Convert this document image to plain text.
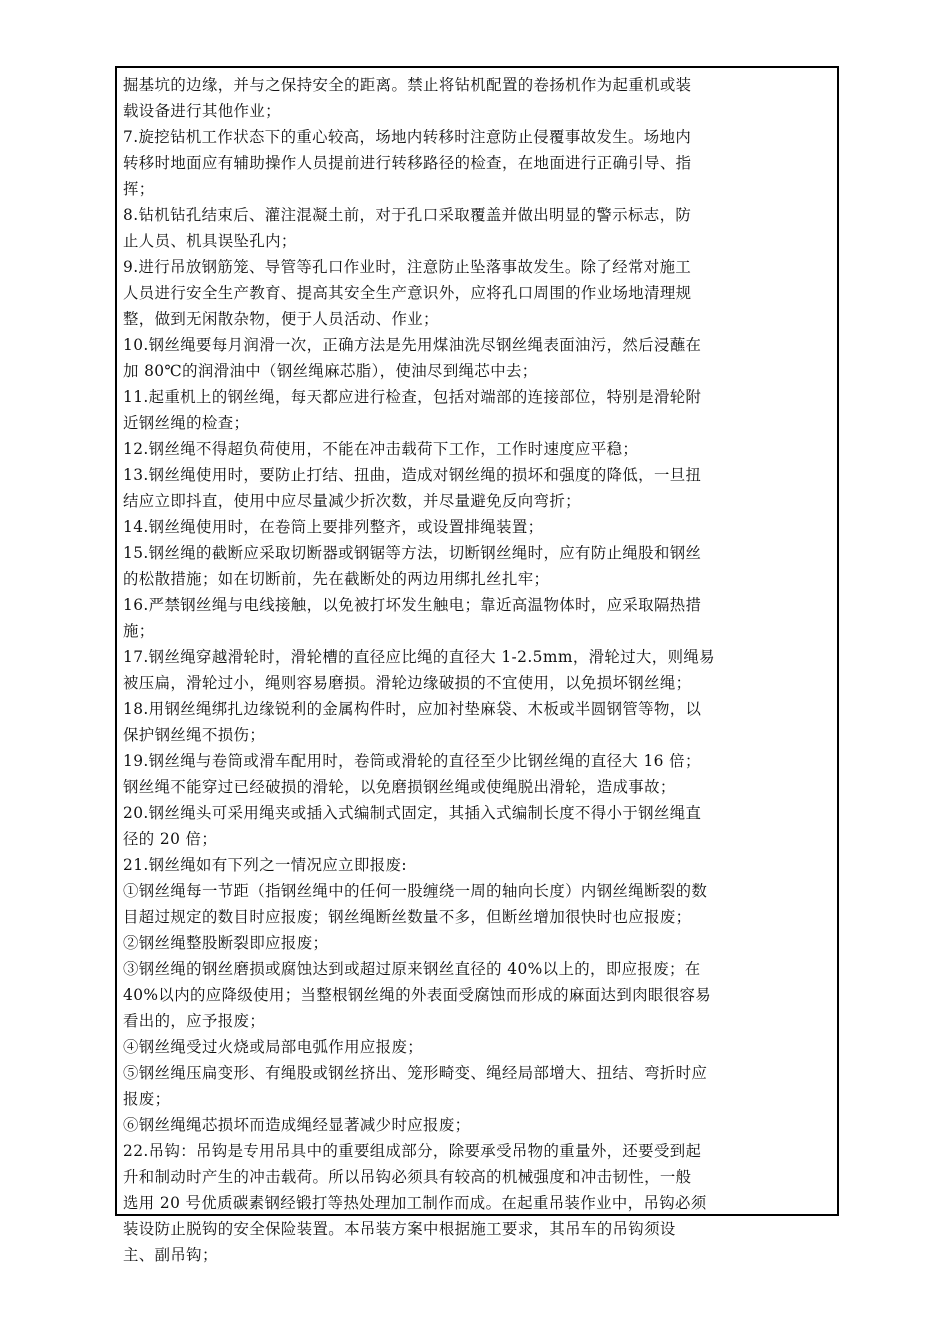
掘基坑的边缘，并与之保持安全的距离。禁止将钻机配置的卷扬机作为起重机或装
载设备进行其他作业；
7.旋挖钻机工作状态下的重心较高，场地内转移时注意防止侵覆事故发生。场地内
转移时地面应有辅助操作人员提前进行转移路径的检查，在地面进行正确引导、指
挥；
8.钻机钻孔结束后、灌注混凝土前，对于孔口采取覆盖并做出明显的警示标志，防
止人员、机具误坠孔内；
9.进行吊放钢筋笼、导管等孔口作业时，注意防止坠落事故发生。除了经常对施工
人员进行安全生产教育、提高其安全生产意识外，应将孔口周围的作业场地清理规
整，做到无闲散杂物，便于人员活动、作业；
10.钢丝绳要每月润滑一次，正确方法是先用煤油洗尽钢丝绳表面油污，然后浸蘸在
加 80℃的润滑油中（钢丝绳麻芯脂），使油尽到绳芯中去；
11.起重机上的钢丝绳，每天都应进行检查，包括对端部的连接部位，特别是滑轮附
近钢丝绳的检查；
12.钢丝绳不得超负荷使用，不能在冲击载荷下工作，工作时速度应平稳；
13.钢丝绳使用时，要防止打结、扭曲，造成对钢丝绳的损坏和强度的降低，一旦扭
结应立即抖直，使用中应尽量减少折次数，并尽量避免反向弯折；
14.钢丝绳使用时，在卷筒上要排列整齐，或设置排绳装置；
15.钢丝绳的截断应采取切断器或钢锯等方法，切断钢丝绳时，应有防止绳股和钢丝
的松散措施；如在切断前，先在截断处的两边用绑扎丝扎牢；
16.严禁钢丝绳与电线接触，以免被打坏发生触电；靠近高温物体时，应采取隔热措
施；
17.钢丝绳穿越滑轮时，滑轮槽的直径应比绳的直径大 1-2.5mm，滑轮过大，则绳易
被压扁，滑轮过小，绳则容易磨损。滑轮边缘破损的不宜使用，以免损坏钢丝绳；
18.用钢丝绳绑扎边缘锐利的金属构件时，应加衬垫麻袋、木板或半圆钢管等物，以
保护钢丝绳不损伤；
19.钢丝绳与卷筒或滑车配用时，卷筒或滑轮的直径至少比钢丝绳的直径大 16 倍；
钢丝绳不能穿过已经破损的滑轮，以免磨损钢丝绳或使绳脱出滑轮，造成事故；
20.钢丝绳头可采用绳夹或插入式编制式固定，其插入式编制长度不得小于钢丝绳直
径的 20 倍；
21.钢丝绳如有下列之一情况应立即报废:
①钢丝绳每一节距（指钢丝绳中的任何一股缠绕一周的轴向长度）内钢丝绳断裂的数
目超过规定的数目时应报废；钢丝绳断丝数量不多，但断丝增加很快时也应报废；
②钢丝绳整股断裂即应报废；
③钢丝绳的钢丝磨损或腐蚀达到或超过原来钢丝直径的 40%以上的，即应报废；在
40%以内的应降级使用；当整根钢丝绳的外表面受腐蚀而形成的麻面达到肉眼很容易
看出的，应予报废；
④钢丝绳受过火烧或局部电弧作用应报废；
⑤钢丝绳压扁变形、有绳股或钢丝挤出、笼形畸变、绳经局部增大、扭结、弯折时应
报废；
⑥钢丝绳绳芯损坏而造成绳经显著减少时应报废；
22.吊钩：吊钩是专用吊具中的重要组成部分，除要承受吊物的重量外，还要受到起
升和制动时产生的冲击载荷。所以吊钩必须具有较高的机械强度和冲击韧性，一般
选用 20 号优质碳素钢经锻打等热处理加工制作而成。在起重吊装作业中，吊钩必须
装设防止脱钩的安全保险装置。本吊装方案中根据施工要求，其吊车的吊钩须设
主、副吊钩；
